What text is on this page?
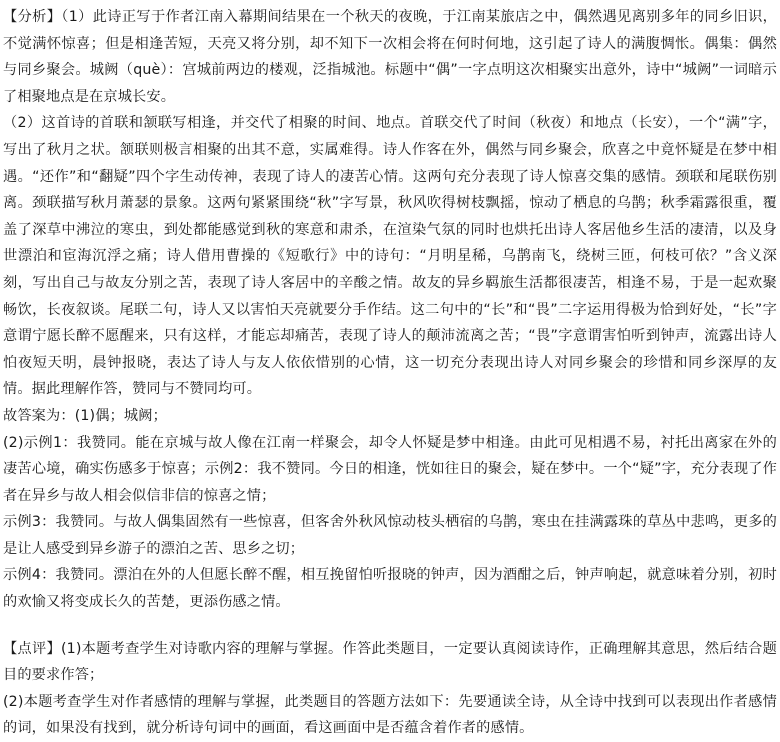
【分析】（1）此诗正写于作者江南入幕期间结果在一个秋天的夜晚，于江南某旅店之中，偶然遇见离别多年的同乡旧识，不觉满怀惊喜；但是相逢苦短，天亮又将分别，却不知下一次相会将在何时何地，这引起了诗人的满腹惆怅。偶集：偶然与同乡聚会。城阙（què）：宫城前两边的楼观，泛指城池。标题中“偶”一字点明这次相聚实出意外，诗中“城阙”一词暗示了相聚地点是在京城长安。

（2）这首诗的首联和颔联写相逢，并交代了相聚的时间、地点。首联交代了时间（秋夜）和地点（长安），一个“满”字，写出了秋月之状。颔联则极言相聚的出其不意，实属难得。诗人作客在外，偶然与同乡聚会，欣喜之中竟怀疑是在梦中相遇。“还作”和“翻疑”四个字生动传神，表现了诗人的凄苦心情。这两句充分表现了诗人惊喜交集的感情。颈联和尾联伤别离。颈联描写秋月萧瑟的景象。这两句紧紧围绕“秋”字写景，秋风吹得树枝飘摇，惊动了栖息的乌鹊；秋季霜露很重，覆盖了深草中沸泣的寒虫，到处都能感觉到秋的寒意和肃杀，在渲染气氛的同时也烘托出诗人客居他乡生活的凄清，以及身世漂泊和宦海沉浮之痛；诗人借用曹操的《短歌行》中的诗句：“月明星稀，乌鹊南飞，绕树三匝，何枝可依？”含义深刻，写出自己与故友分别之苦，表现了诗人客居中的辛酸之情。故友的异乡羁旅生活都很凄苦，相逢不易，于是一起欢聚畅饮，长夜叙谈。尾联二句，诗人又以害怕天亮就要分手作结。这二句中的“长”和“畏”二字运用得极为恰到好处，“长”字意谓宁愿长醉不愿醒来，只有这样，才能忘却痛苦，表现了诗人的颠沛流离之苦；“畏”字意谓害怕听到钟声，流露出诗人怕夜短天明，晨钟报晓，表达了诗人与友人依依惜别的心情，这一切充分表现出诗人对同乡聚会的珍惜和同乡深厚的友情。据此理解作答，赞同与不赞同均可。

故答案为：(1)偶；城阙；

(2)示例1：我赞同。能在京城与故人像在江南一样聚会，却令人怀疑是梦中相逢。由此可见相遇不易，衬托出离家在外的凄苦心境，确实伤感多于惊喜；示例2：我不赞同。今日的相逢，恍如往日的聚会，疑在梦中。一个“疑”字，充分表现了作者在异乡与故人相会似信非信的惊喜之情；

示例3：我赞同。与故人偶集固然有一些惊喜，但客舍外秋风惊动枝头栖宿的乌鹊，寒虫在挂满露珠的草丛中悲鸣，更多的是让人感受到异乡游子的漂泊之苦、思乡之切；

示例4：我赞同。漂泊在外的人但愿长醉不醒，相互挽留怕听报晓的钟声，因为酒酣之后，钟声响起，就意味着分别，初时的欢愉又将变成长久的苦楚，更添伤感之情。

【点评】(1)本题考查学生对诗歌内容的理解与掌握。作答此类题目，一定要认真阅读诗作，正确理解其意思，然后结合题目的要求作答；

(2)本题考查学生对作者感情的理解与掌握，此类题目的答题方法如下：先要通读全诗，从全诗中找到可以表现出作者感情的词，如果没有找到，就分析诗句词中的画面，看这画面中是否蕴含着作者的感情。
